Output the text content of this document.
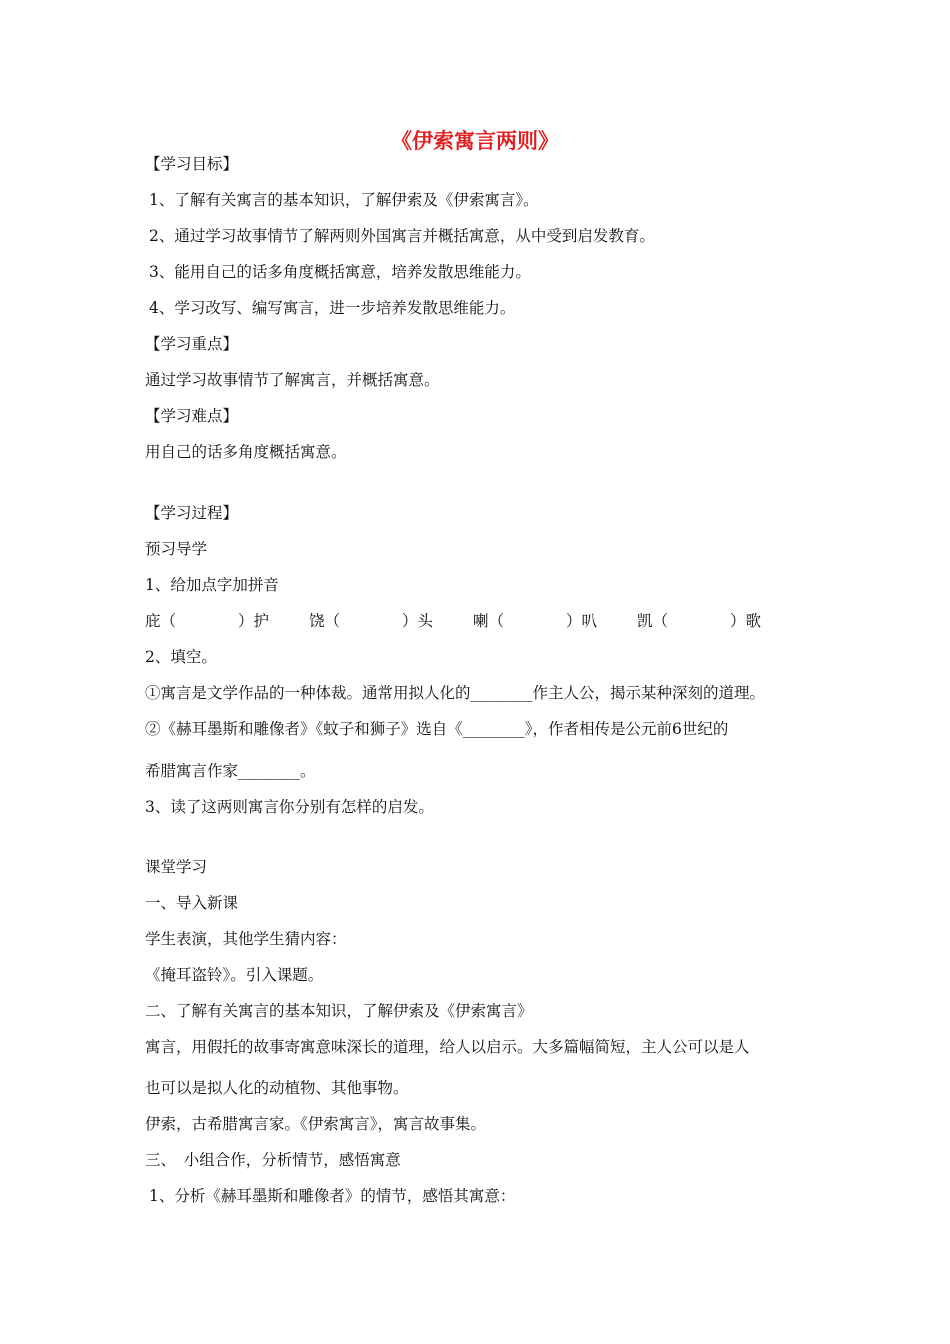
《伊索寓言两则》
【学习目标】
1、了解有关寓言的基本知识，了解伊索及《伊索寓言》。
2、通过学习故事情节了解两则外国寓言并概括寓意，从中受到启发教育。
3、能用自己的话多角度概括寓意，培养发散思维能力。
4、学习改写、编写寓言，进一步培养发散思维能力。
【学习重点】
通过学习故事情节了解寓言，并概括寓意。
【学习难点】
用自己的话多角度概括寓意。
【学习过程】
预习导学
1、给加点字加拼音
庇（　　　　）护	饶（　　　　）头	喇（　　　　）叭	凯（　　　　）歌
2、填空。
①寓言是文学作品的一种体裁。通常用拟人化的________作主人公，揭示某种深刻的道理。
②《赫耳墨斯和雕像者》《蚊子和狮子》选自《________》，作者相传是公元前6世纪的
希腊寓言作家________。
3、读了这两则寓言你分别有怎样的启发。
课堂学习
一、导入新课
学生表演，其他学生猜内容：
《掩耳盗铃》。引入课题。
二、了解有关寓言的基本知识，了解伊索及《伊索寓言》
寓言，用假托的故事寄寓意味深长的道理，给人以启示。大多篇幅简短，主人公可以是人
也可以是拟人化的动植物、其他事物。
伊索，古希腊寓言家。《伊索寓言》，寓言故事集。
三、　小组合作，分析情节，感悟寓意
1、分析《赫耳墨斯和雕像者》的情节，感悟其寓意：
